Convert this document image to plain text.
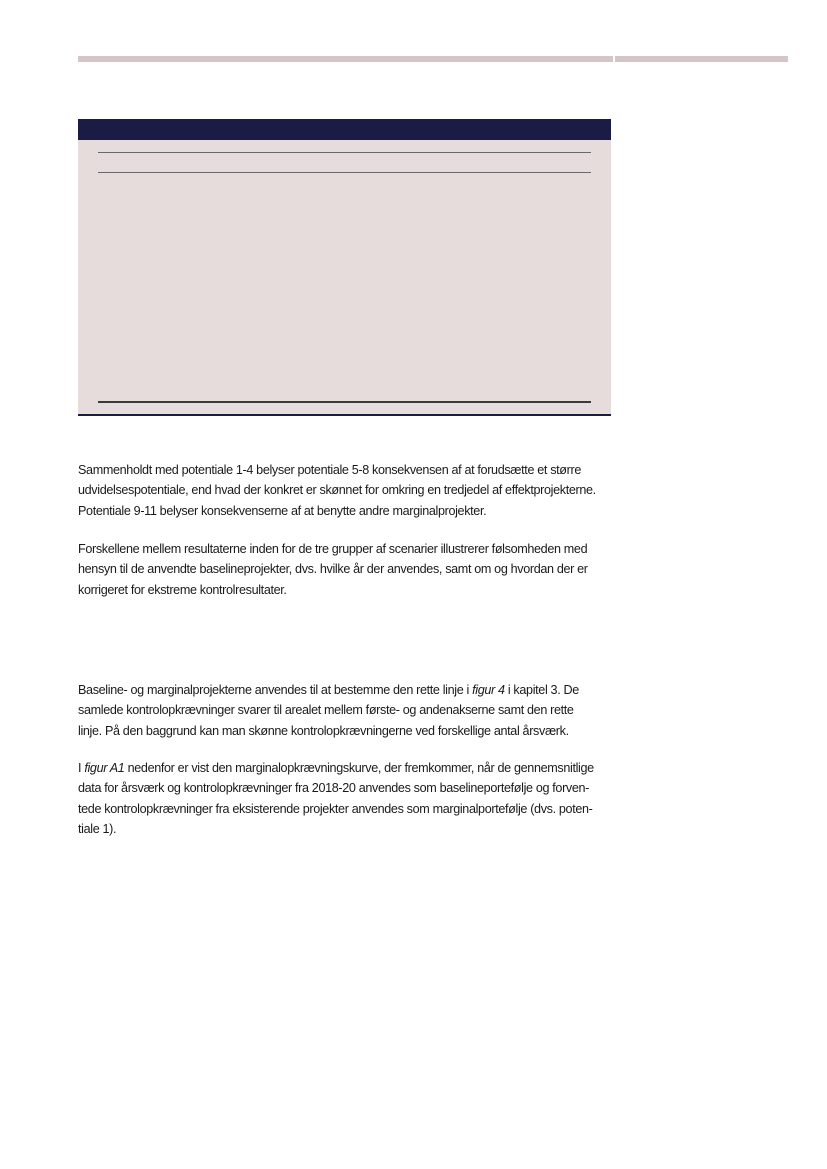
Sammenholdt med potentiale 1-4 belyser potentiale 5-8 konsekvensen af at forudsætte et større
udvidelsespotentiale, end hvad der konkret er skønnet for omkring en tredjedel af effektprojekterne.
Potentiale 9-11 belyser konsekvenserne af at benytte andre marginalprojekter.

Forskellene mellem resultaterne inden for de tre grupper af scenarier illustrerer følsomheden med
hensyn til de anvendte baselineprojekter, dvs. hvilke år der anvendes, samt om og hvordan der er
korrigeret for ekstreme kontrolresultater.

Baseline- og marginalprojekterne anvendes til at bestemme den rette linje i figur 4 i kapitel 3. De
samlede kontrolopkrævninger svarer til arealet mellem første- og andenakserne samt den rette
linje. På den baggrund kan man skønne kontrolopkrævningerne ved forskellige antal årsværk.

I figur A1 nedenfor er vist den marginalopkrævningskurve, der fremkommer, når de gennemsnitlige
data for årsværk og kontrolopkrævninger fra 2018-20 anvendes som baselineportefølje og forven-
tede kontrolopkrævninger fra eksisterende projekter anvendes som marginalportefølje (dvs. poten-
tiale 1).
